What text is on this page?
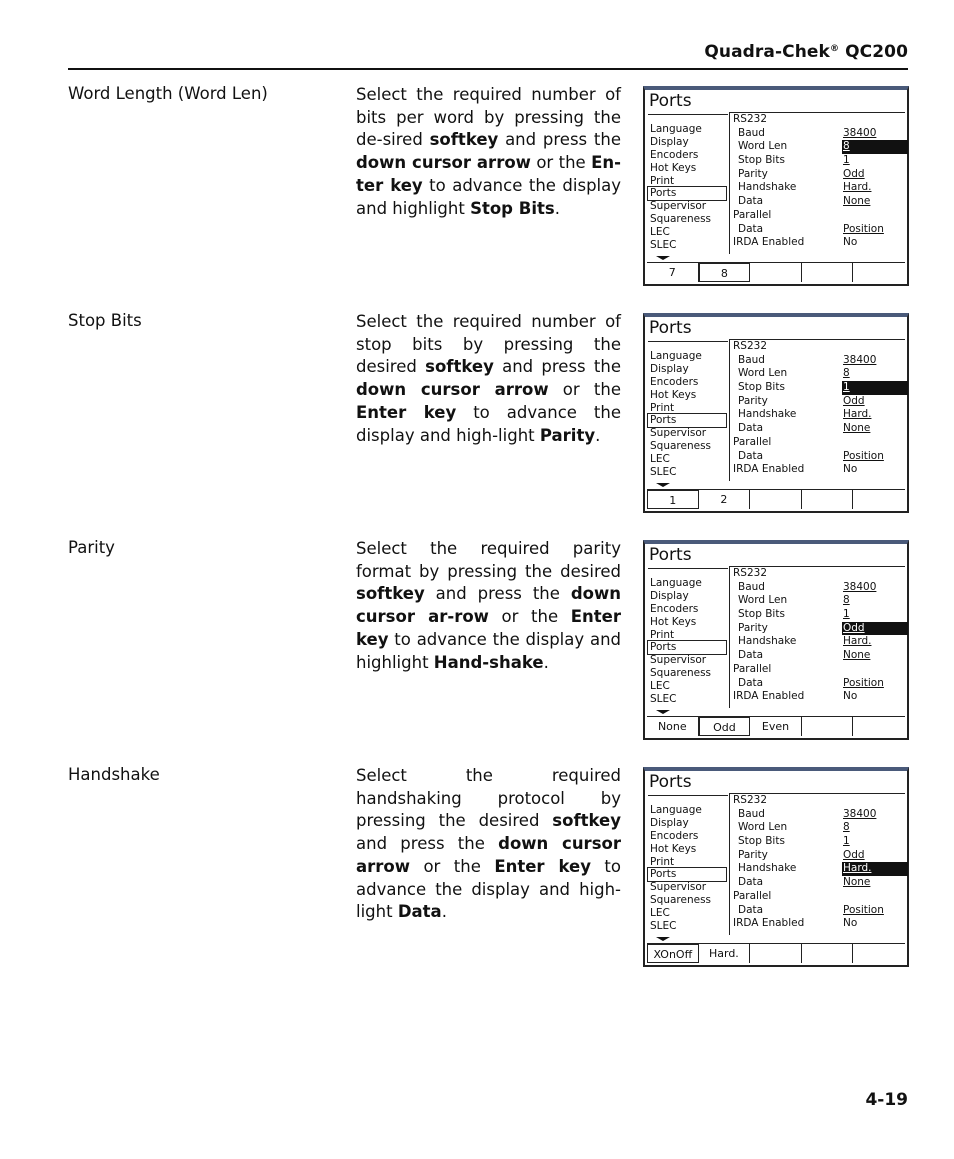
Quadra-Chek® QC200
Word Length (Word Len)	Select the required number of bits per word by pressing the de-sired softkey and press the down cursor arrow or the En-ter key to advance the display and highlight Stop Bits.
Ports
Language
Display
Encoders
Hot Keys
Print
Ports
Supervisor
Squareness
LEC
SLEC
RS232
Baud	38400
Word Len	8
Stop Bits	1
Parity	Odd
Handshake	Hard.
Data	None
Parallel
Data	Position
IRDA Enabled	No
7	8
Stop Bits	Select the required number of stop bits by pressing the desired softkey and press the down cursor arrow or the Enter key to advance the display and high-light Parity.
Ports
Language
Display
Encoders
Hot Keys
Print
Ports
Supervisor
Squareness
LEC
SLEC
RS232
Baud	38400
Word Len	8
Stop Bits	1
Parity	Odd
Handshake	Hard.
Data	None
Parallel
Data	Position
IRDA Enabled	No
1	2
Parity	Select the required parity format by pressing the desired softkey and press the down cursor ar-row or the Enter key to advance the display and highlight Hand-shake.
Ports
Language
Display
Encoders
Hot Keys
Print
Ports
Supervisor
Squareness
LEC
SLEC
RS232
Baud	38400
Word Len	8
Stop Bits	1
Parity	Odd
Handshake	Hard.
Data	None
Parallel
Data	Position
IRDA Enabled	No
None	Odd	Even
Handshake	Select the required handshaking protocol by pressing the desired softkey and press the down cursor arrow or the Enter key to advance the display and high-light Data.
Ports
Language
Display
Encoders
Hot Keys
Print
Ports
Supervisor
Squareness
LEC
SLEC
RS232
Baud	38400
Word Len	8
Stop Bits	1
Parity	Odd
Handshake	Hard.
Data	None
Parallel
Data	Position
IRDA Enabled	No
XOnOff	Hard.
4-19
